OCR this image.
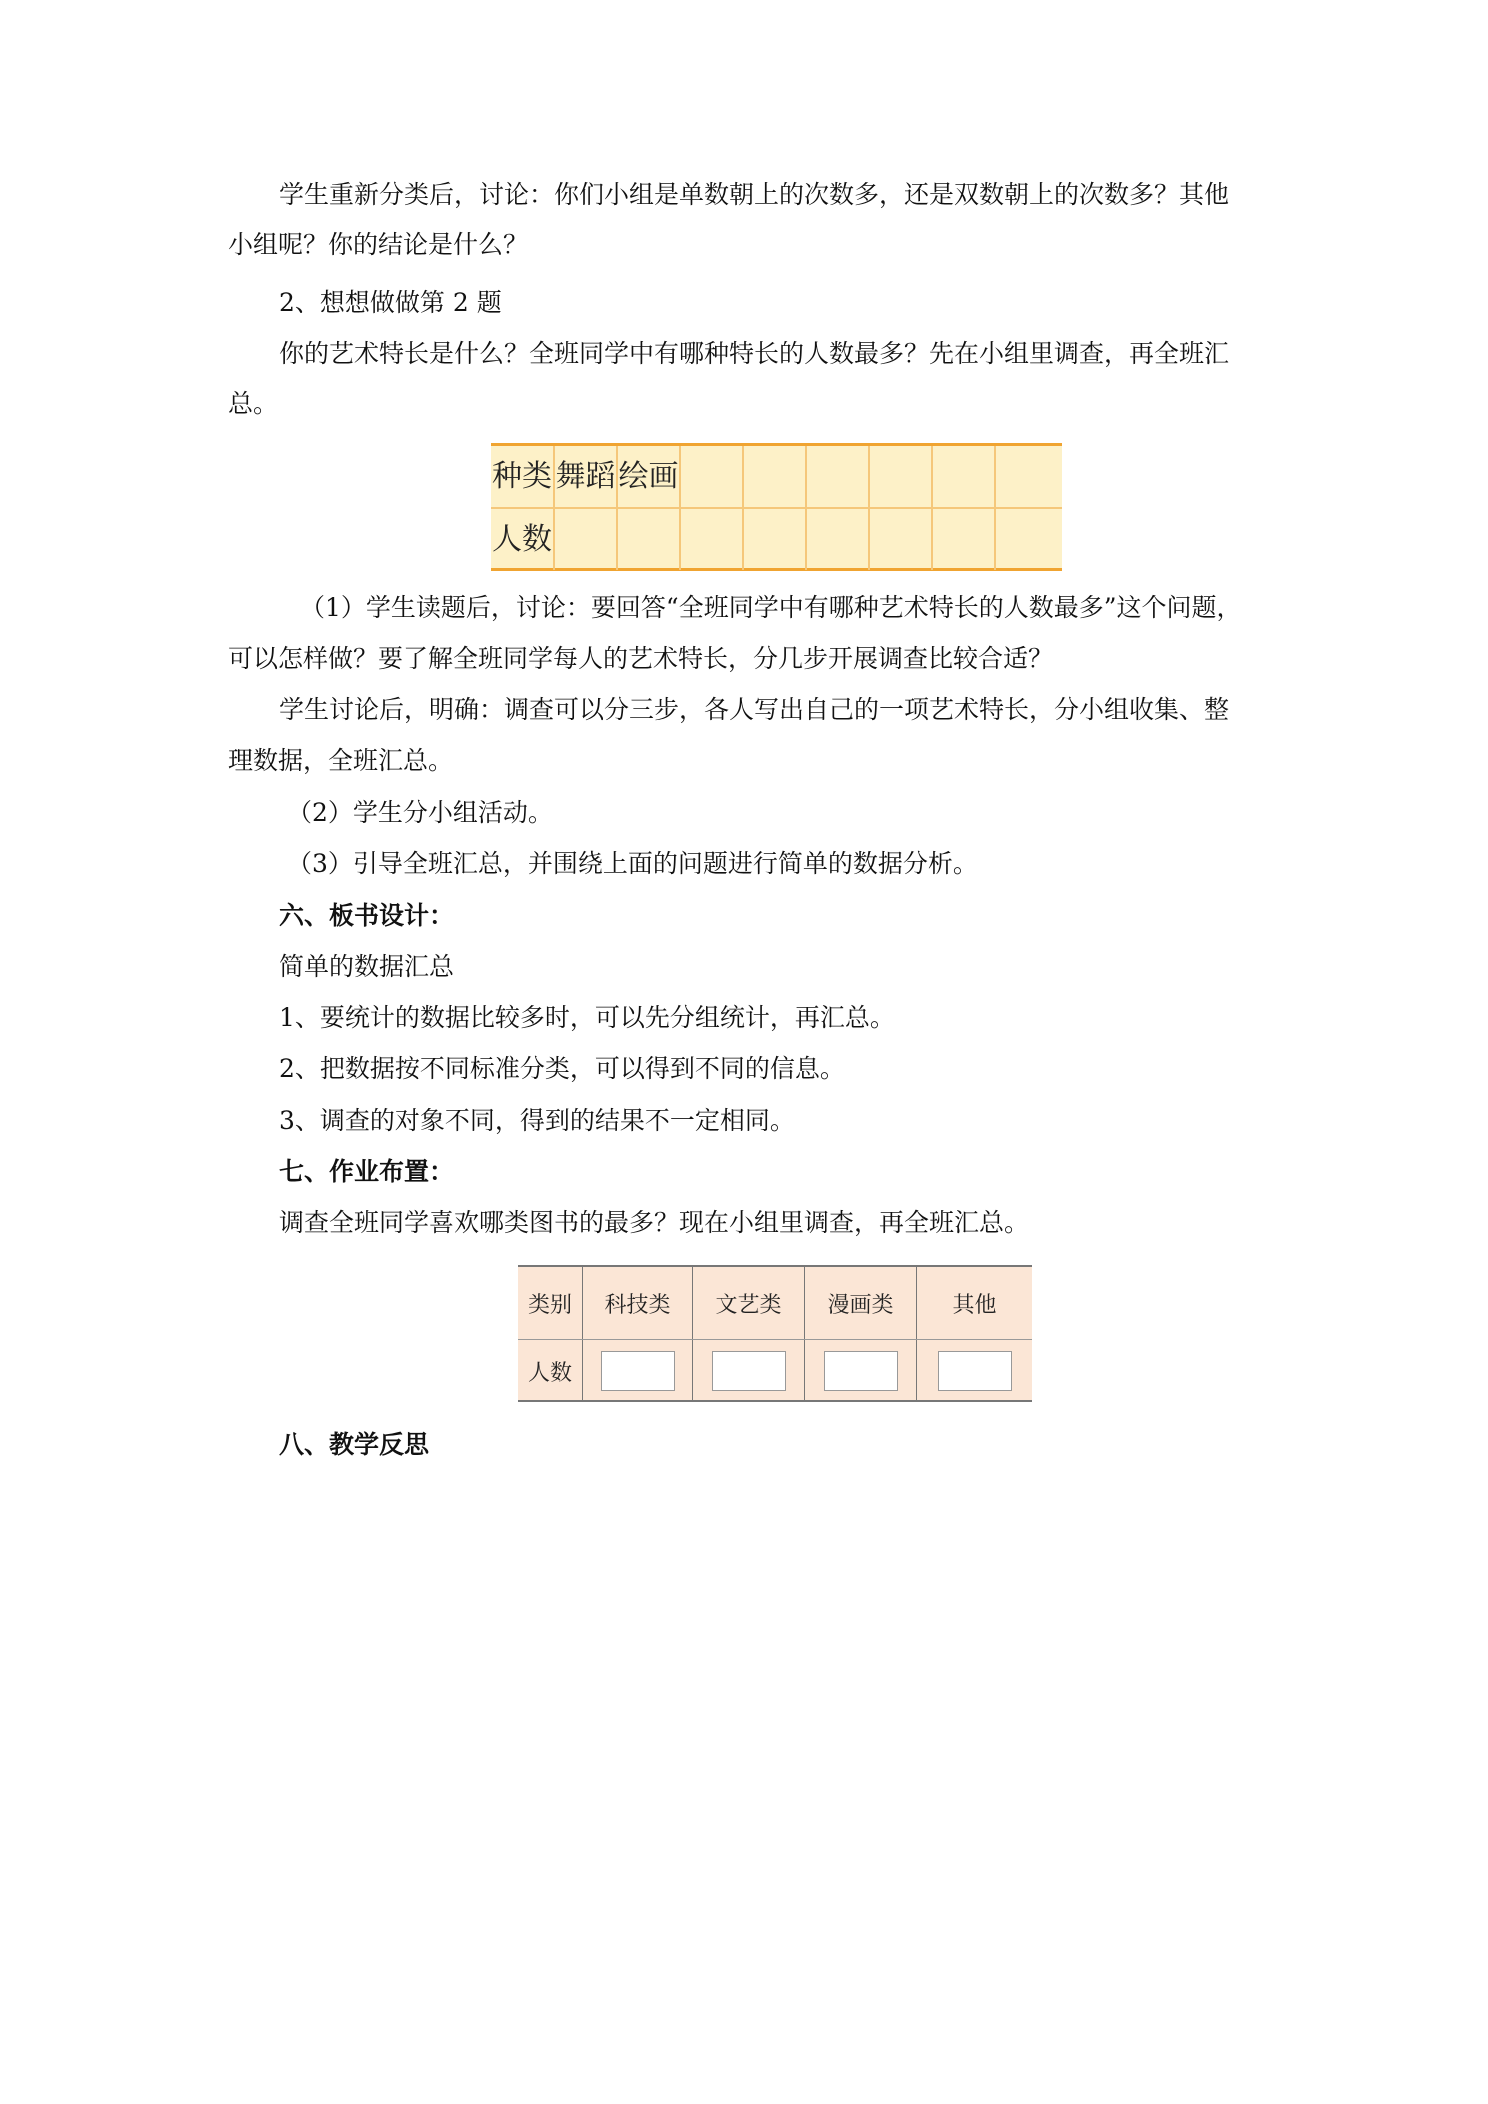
学生重新分类后，讨论：你们小组是单数朝上的次数多，还是双数朝上的次数多？其他
小组呢？你的结论是什么？
2、想想做做第 2 题
你的艺术特长是什么？全班同学中有哪种特长的人数最多？先在小组里调查，再全班汇
总。
种类 舞蹈 绘画
人数
（1）学生读题后，讨论：要回答“全班同学中有哪种艺术特长的人数最多”这个问题，
可以怎样做？要了解全班同学每人的艺术特长，分几步开展调查比较合适？
学生讨论后，明确：调查可以分三步，各人写出自己的一项艺术特长，分小组收集、整
理数据，全班汇总。
（2）学生分小组活动。
（3）引导全班汇总，并围绕上面的问题进行简单的数据分析。
六、板书设计：
简单的数据汇总
1、要统计的数据比较多时，可以先分组统计，再汇总。
2、把数据按不同标准分类，可以得到不同的信息。
3、调查的对象不同，得到的结果不一定相同。
七、作业布置：
调查全班同学喜欢哪类图书的最多？现在小组里调查，再全班汇总。
类别	科技类	文艺类	漫画类	其他
人数
八、教学反思
